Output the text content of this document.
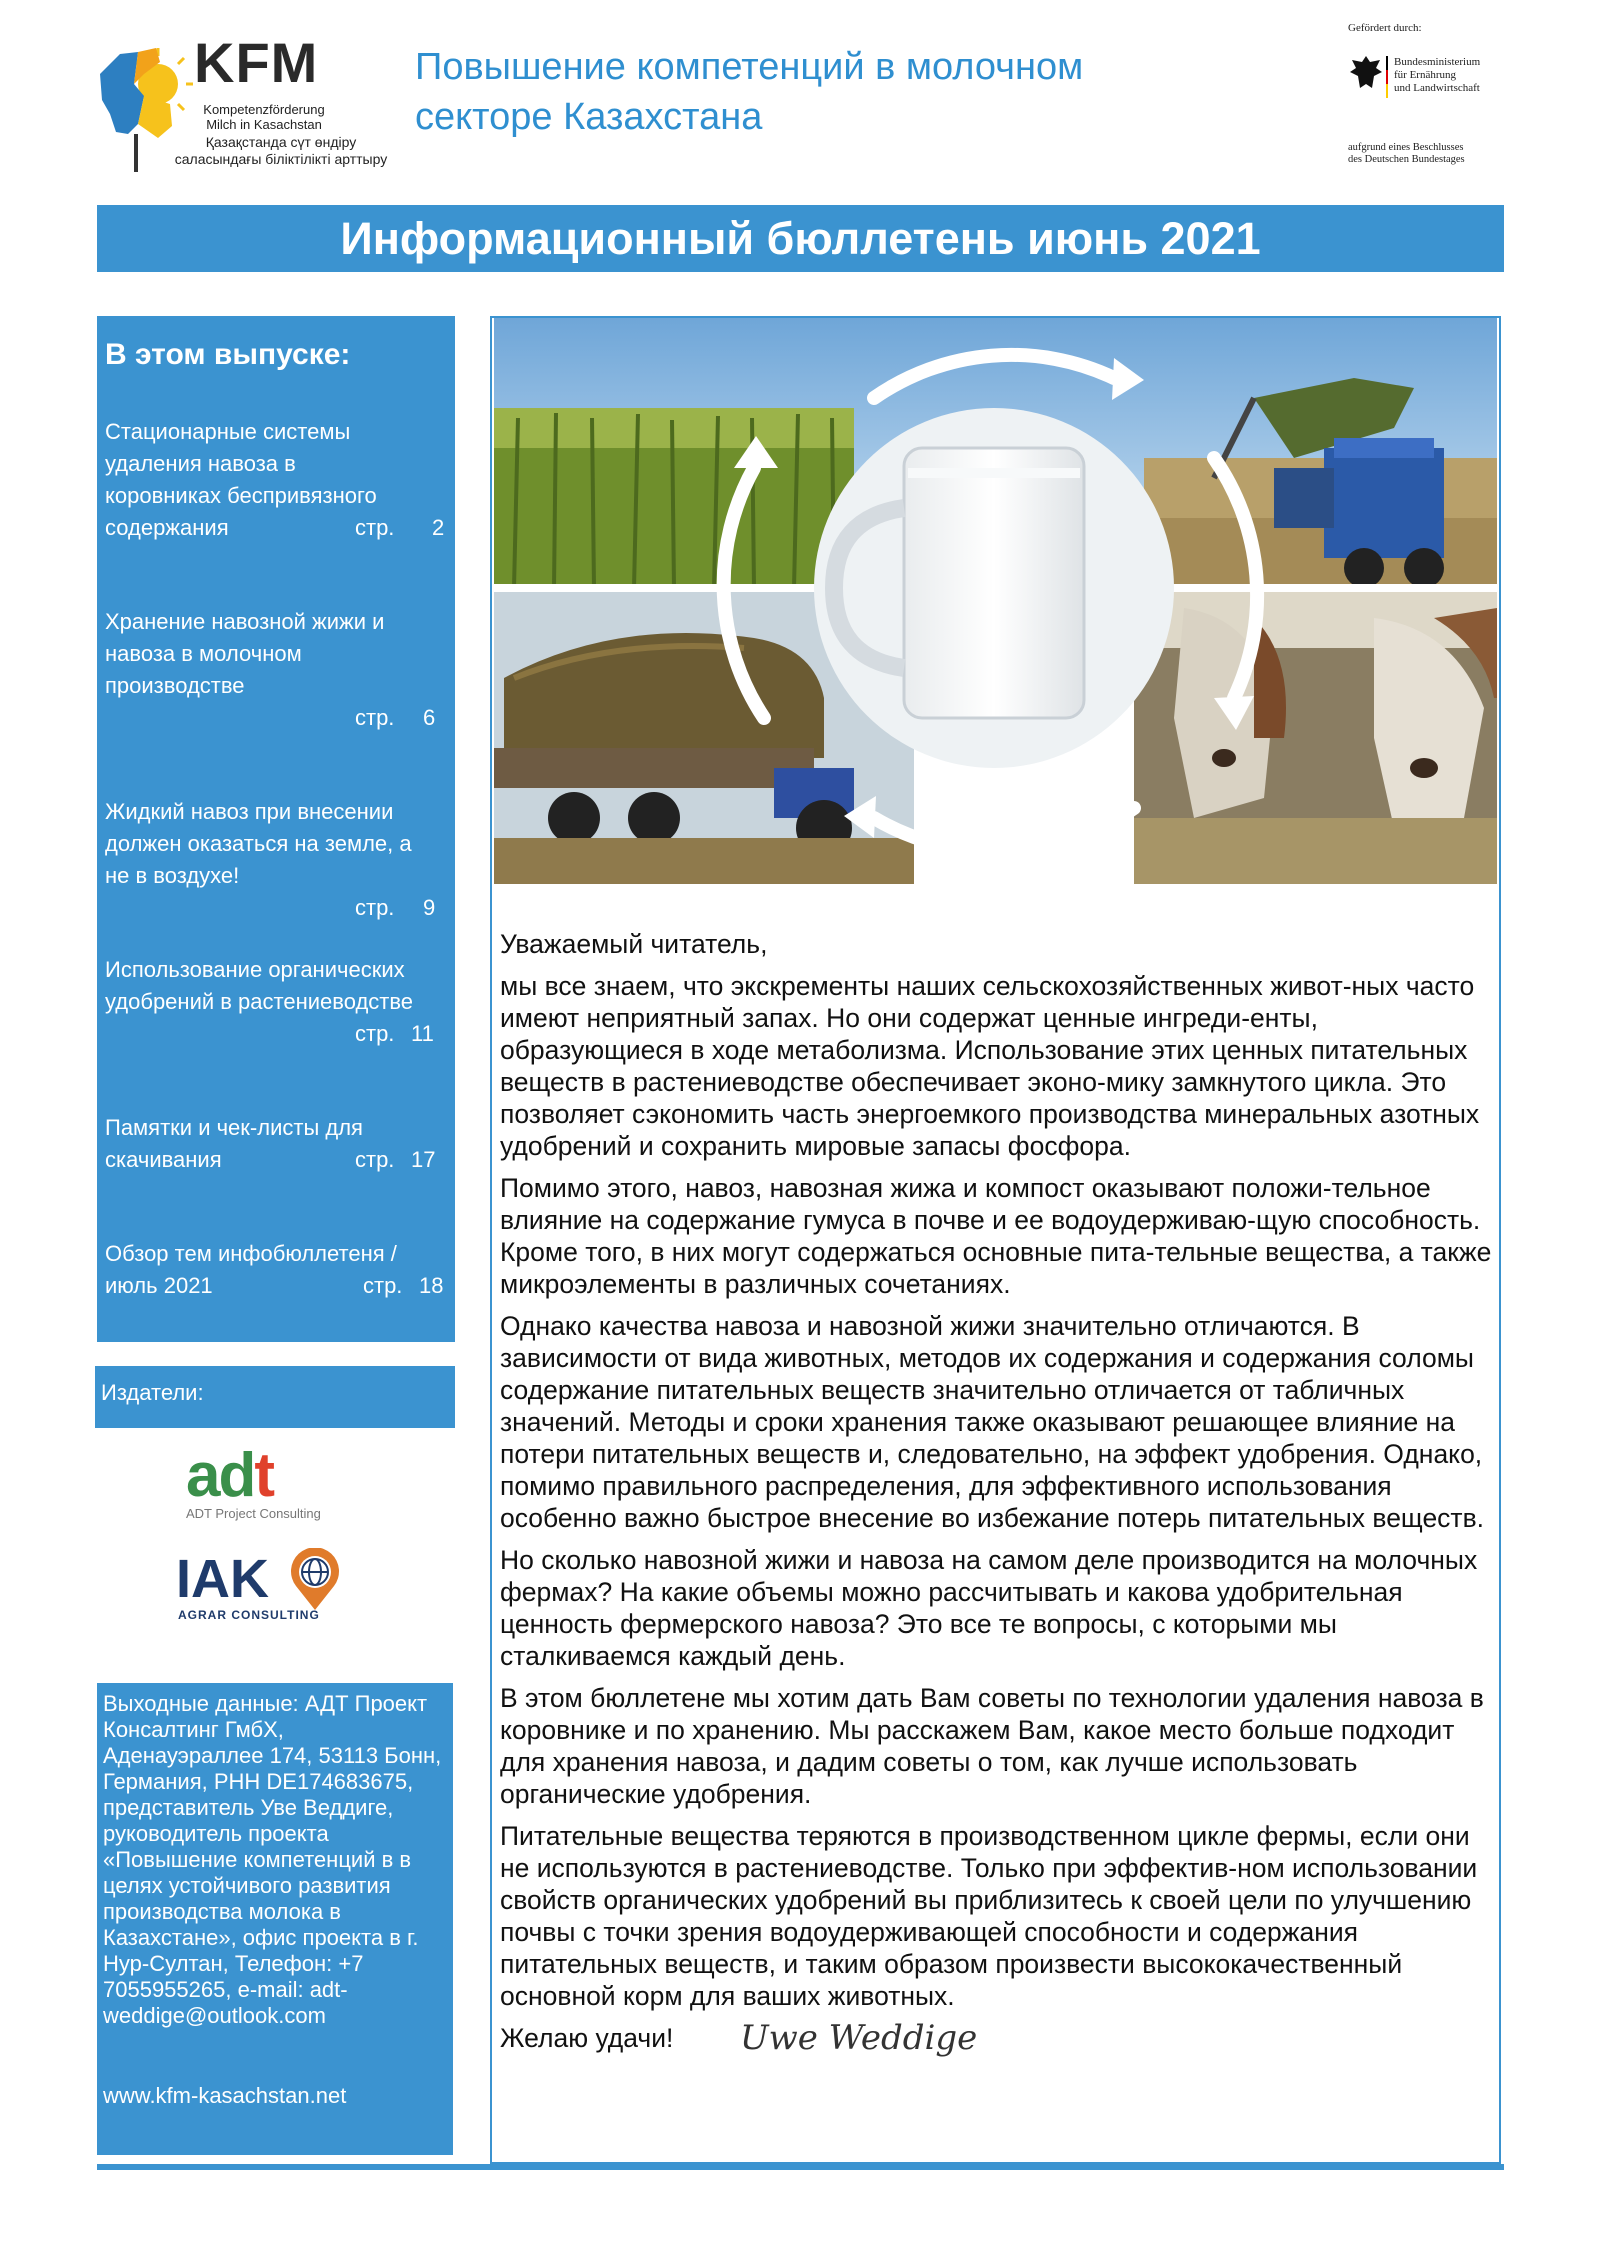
KFM
Kompetenzförderung Milch in Kasachstan
Қазақстанда сүт өндіру саласындағы біліктілікті арттыру
Повышение компетенций в молочном
секторе Казахстана
Gefördert durch:
Bundesministerium
für Ernährung
und Landwirtschaft
aufgrund eines Beschlusses
des Deutschen Bundestages
Информационный бюллетень июнь 2021
В этом выпуске:
Стационарные системы
удаления навоза в
коровниках беспривязного
содержания	стр. 2
Хранение навозной жижи и
навоза в молочном
производстве
стр. 6
Жидкий навоз при внесении
должен оказаться на земле, а
не в воздухе!
стр. 9
Использование органических
удобрений в растениеводстве
стр. 11
Памятки и чек-листы для
скачивания	стр. 17
Обзор тем инфобюллетеня /
июль 2021	стр. 18
Издатели:
adt
ADT Project Consulting
IAK
AGRAR CONSULTING
Выходные данные: АДТ Проект Консалтинг ГмбХ, Аденауэраллее 174, 53113 Бонн, Германия, РНН DE174683675, представитель Уве Веддиге, руководитель проекта «Повышение компетенций в в целях устойчивого развития производства молока в Казахстане», офис проекта в г. Нур-Султан, Телефон: +7 7055955265, e-mail: adt-weddige@outlook.com
www.kfm-kasachstan.net

Уважаемый читатель,

мы все знаем, что экскременты наших сельскохозяйственных живот-ных часто имеют неприятный запах. Но они содержат ценные ингреди-енты, образующиеся в ходе метаболизма. Использование этих ценных питательных веществ в растениеводстве обеспечивает эконо-мику замкнутого цикла. Это позволяет сэкономить часть энергоемкого производства минеральных азотных удобрений и сохранить мировые запасы фосфора.

Помимо этого, навоз, навозная жижа и компост оказывают положи-тельное влияние на содержание гумуса в почве и ее водоудерживаю-щую способность. Кроме того, в них могут содержаться основные пита-тельные вещества, а также микроэлементы в различных сочетаниях.

Однако качества навоза и навозной жижи значительно отличаются. В зависимости от вида животных, методов их содержания и содержания соломы содержание питательных веществ значительно отличается от табличных значений. Методы и сроки хранения также оказывают решающее влияние на потери питательных веществ и, следовательно, на эффект удобрения. Однако, помимо правильного распределения, для эффективного использования особенно важно быстрое внесение во избежание потерь питательных веществ.

Но сколько навозной жижи и навоза на самом деле производится на молочных фермах? На какие объемы можно рассчитывать и какова удобрительная ценность фермерского навоза? Это все те вопросы, с которыми мы сталкиваемся каждый день.

В этом бюллетене мы хотим дать Вам советы по технологии удаления навоза в коровнике и по хранению. Мы расскажем Вам, какое место больше подходит для хранения навоза, и дадим советы о том, как лучше использовать органические удобрения.

Питательные вещества теряются в производственном цикле фермы, если они не используются в растениеводстве. Только при эффектив-ном использовании свойств органических удобрений вы приблизитесь к своей цели по улучшению почвы с точки зрения водоудерживающей способности и содержания питательных веществ, и таким образом произвести высококачественный основной корм для ваших животных.

Желаю удачи! Uwe Weddige
